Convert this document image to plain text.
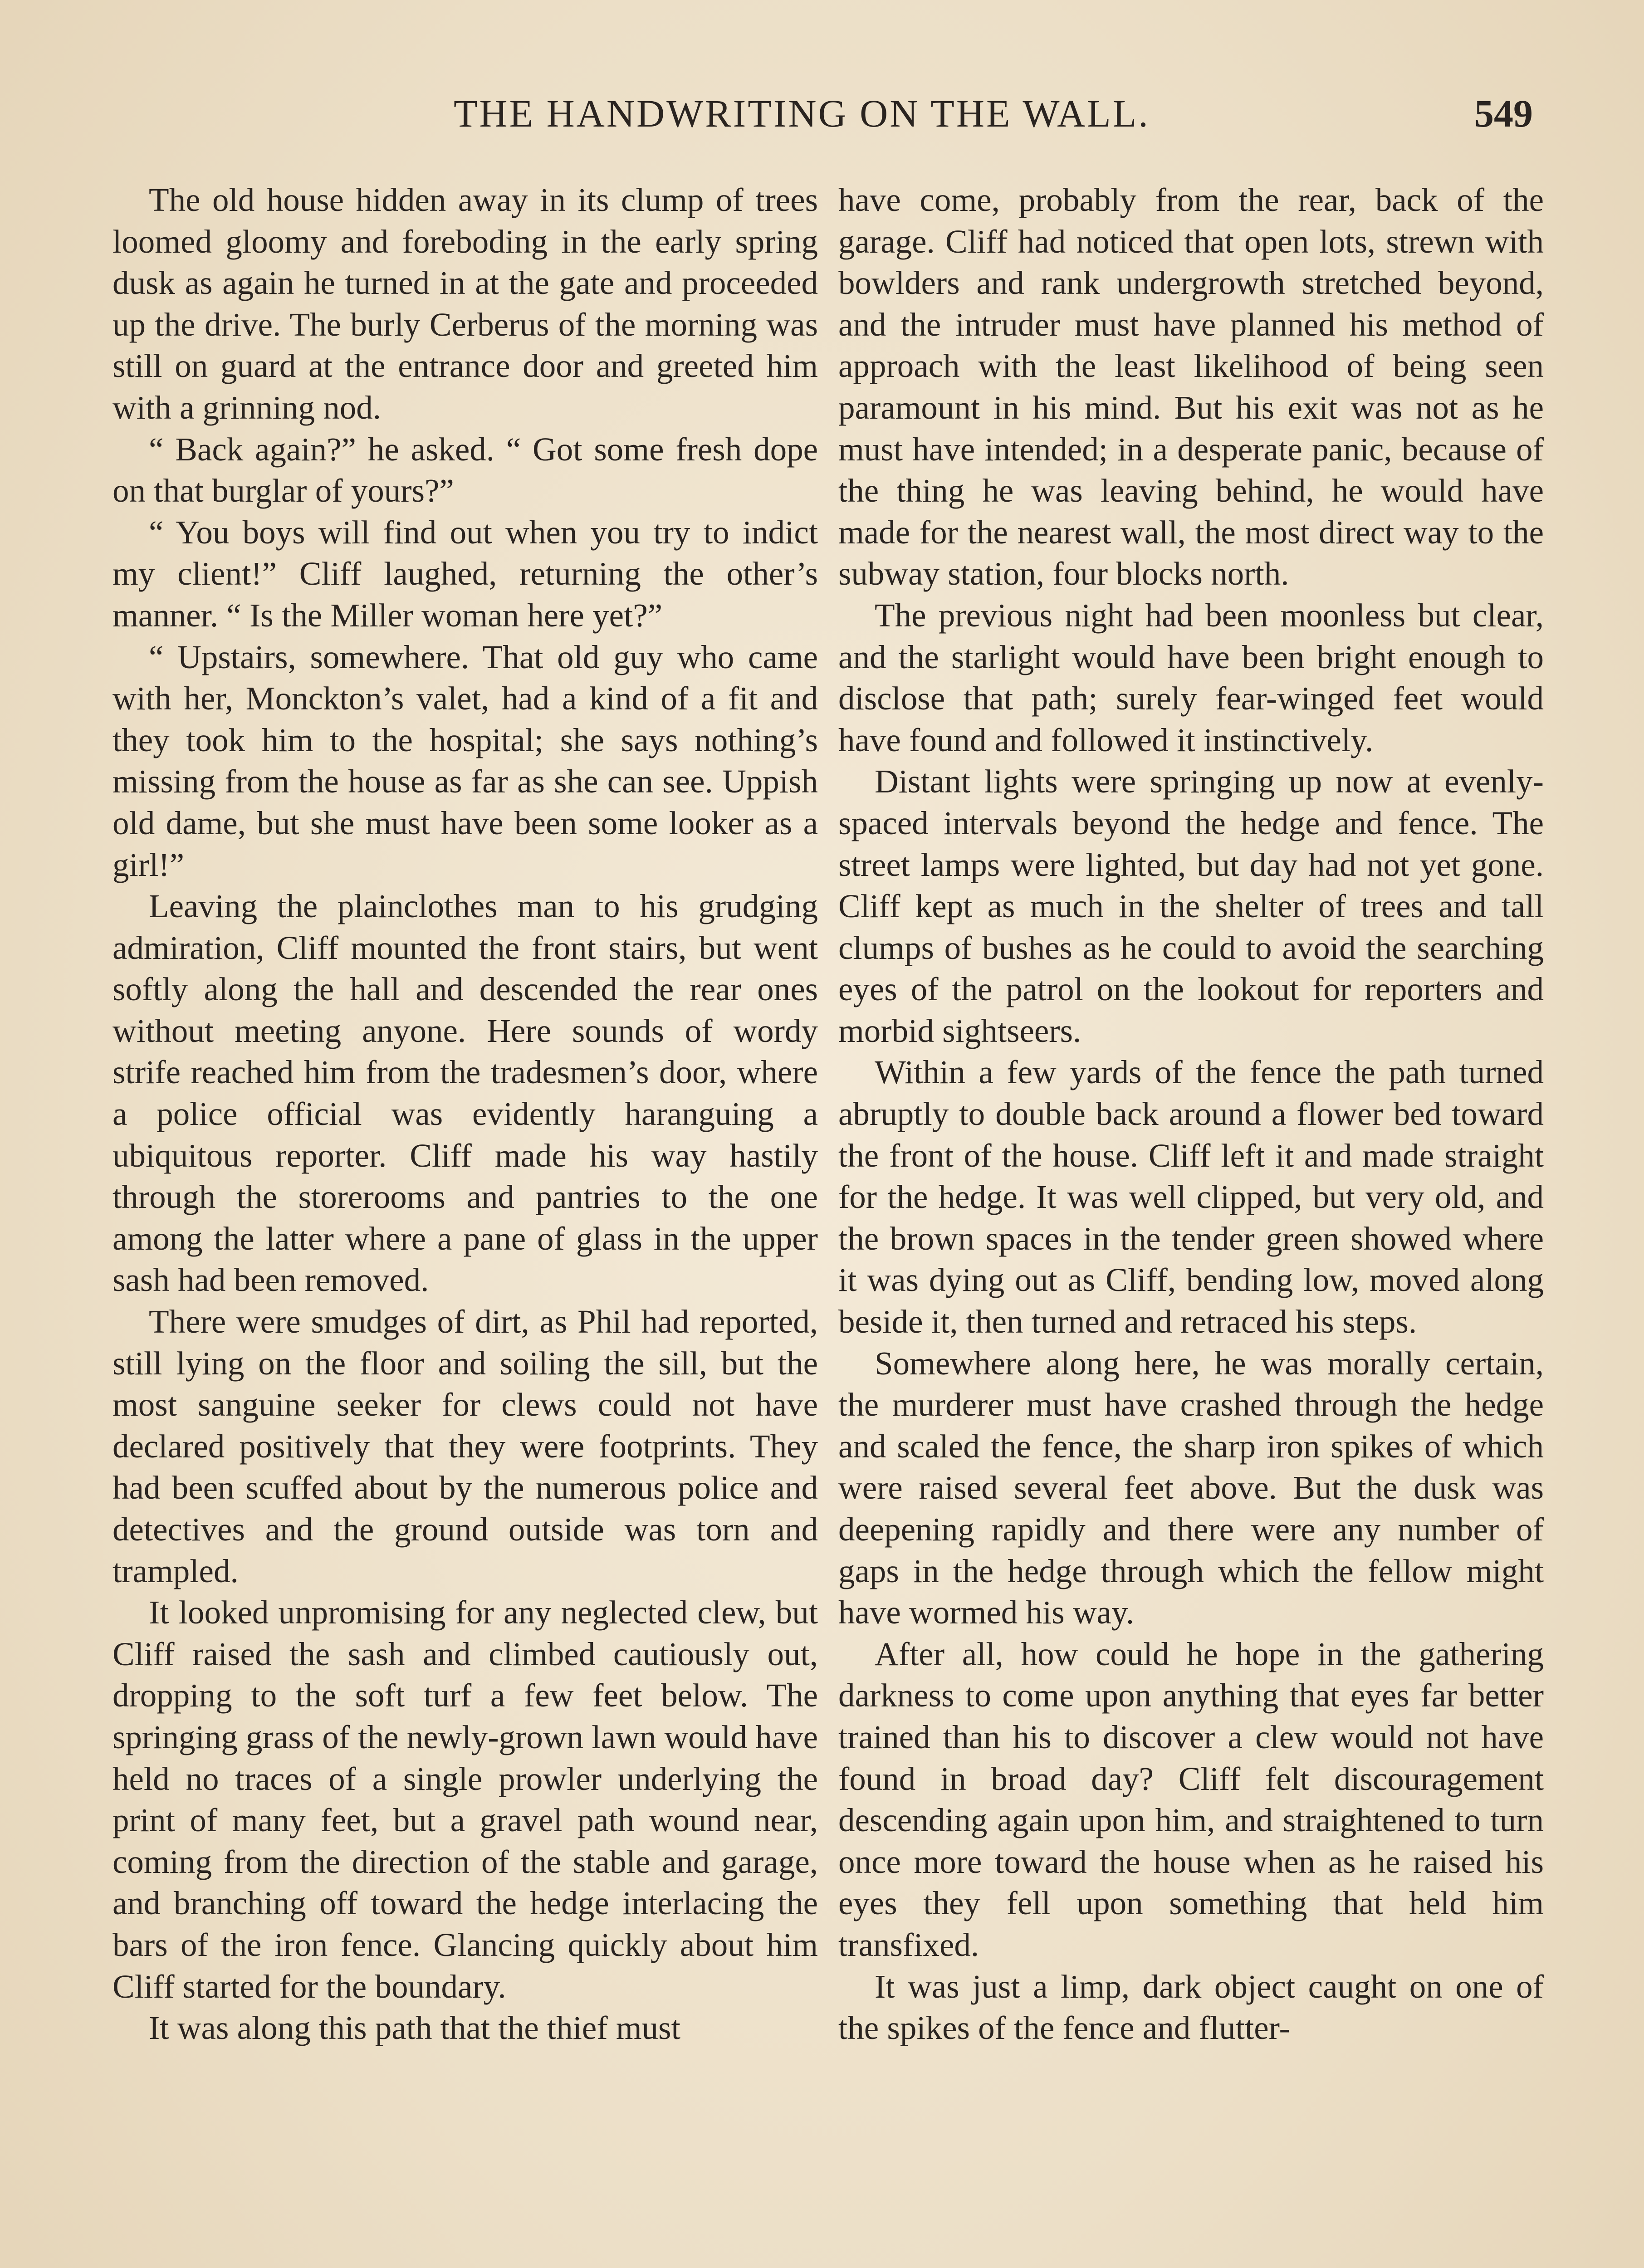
THE HANDWRITING ON THE WALL.	549

The old house hidden away in its clump of trees loomed gloomy and foreboding in the early spring dusk as again he turned in at the gate and proceeded up the drive. The burly Cerberus of the morning was still on guard at the entrance door and greeted him with a grinning nod.

“ Back again?” he asked. “ Got some fresh dope on that burglar of yours?”

“ You boys will find out when you try to indict my client!” Cliff laughed, returning the other’s manner. “ Is the Miller woman here yet?”

“ Upstairs, somewhere. That old guy who came with her, Monckton’s valet, had a kind of a fit and they took him to the hospital; she says nothing’s missing from the house as far as she can see. Uppish old dame, but she must have been some looker as a girl!”

Leaving the plainclothes man to his grudging admiration, Cliff mounted the front stairs, but went softly along the hall and descended the rear ones without meeting anyone. Here sounds of wordy strife reached him from the tradesmen’s door, where a police official was evidently haranguing a ubiquitous reporter. Cliff made his way hastily through the storerooms and pantries to the one among the latter where a pane of glass in the upper sash had been removed.

There were smudges of dirt, as Phil had reported, still lying on the floor and soiling the sill, but the most sanguine seeker for clews could not have declared positively that they were footprints. They had been scuffed about by the numerous police and detectives and the ground outside was torn and trampled.

It looked unpromising for any neglected clew, but Cliff raised the sash and climbed cautiously out, dropping to the soft turf a few feet below. The springing grass of the newly-grown lawn would have held no traces of a single prowler underlying the print of many feet, but a gravel path wound near, coming from the direction of the stable and garage, and branching off toward the hedge interlacing the bars of the iron fence. Glancing quickly about him Cliff started for the boundary.

It was along this path that the thief must

have come, probably from the rear, back of the garage. Cliff had noticed that open lots, strewn with bowlders and rank undergrowth stretched beyond, and the intruder must have planned his method of approach with the least likelihood of being seen paramount in his mind. But his exit was not as he must have intended; in a desperate panic, because of the thing he was leaving behind, he would have made for the nearest wall, the most direct way to the subway station, four blocks north.

The previous night had been moonless but clear, and the starlight would have been bright enough to disclose that path; surely fear-winged feet would have found and followed it instinctively.

Distant lights were springing up now at evenly-spaced intervals beyond the hedge and fence. The street lamps were lighted, but day had not yet gone. Cliff kept as much in the shelter of trees and tall clumps of bushes as he could to avoid the searching eyes of the patrol on the lookout for reporters and morbid sightseers.

Within a few yards of the fence the path turned abruptly to double back around a flower bed toward the front of the house. Cliff left it and made straight for the hedge. It was well clipped, but very old, and the brown spaces in the tender green showed where it was dying out as Cliff, bending low, moved along beside it, then turned and retraced his steps.

Somewhere along here, he was morally certain, the murderer must have crashed through the hedge and scaled the fence, the sharp iron spikes of which were raised several feet above. But the dusk was deepening rapidly and there were any number of gaps in the hedge through which the fellow might have wormed his way.

After all, how could he hope in the gathering darkness to come upon anything that eyes far better trained than his to discover a clew would not have found in broad day? Cliff felt discouragement descending again upon him, and straightened to turn once more toward the house when as he raised his eyes they fell upon something that held him transfixed.

It was just a limp, dark object caught on one of the spikes of the fence and flutter-
